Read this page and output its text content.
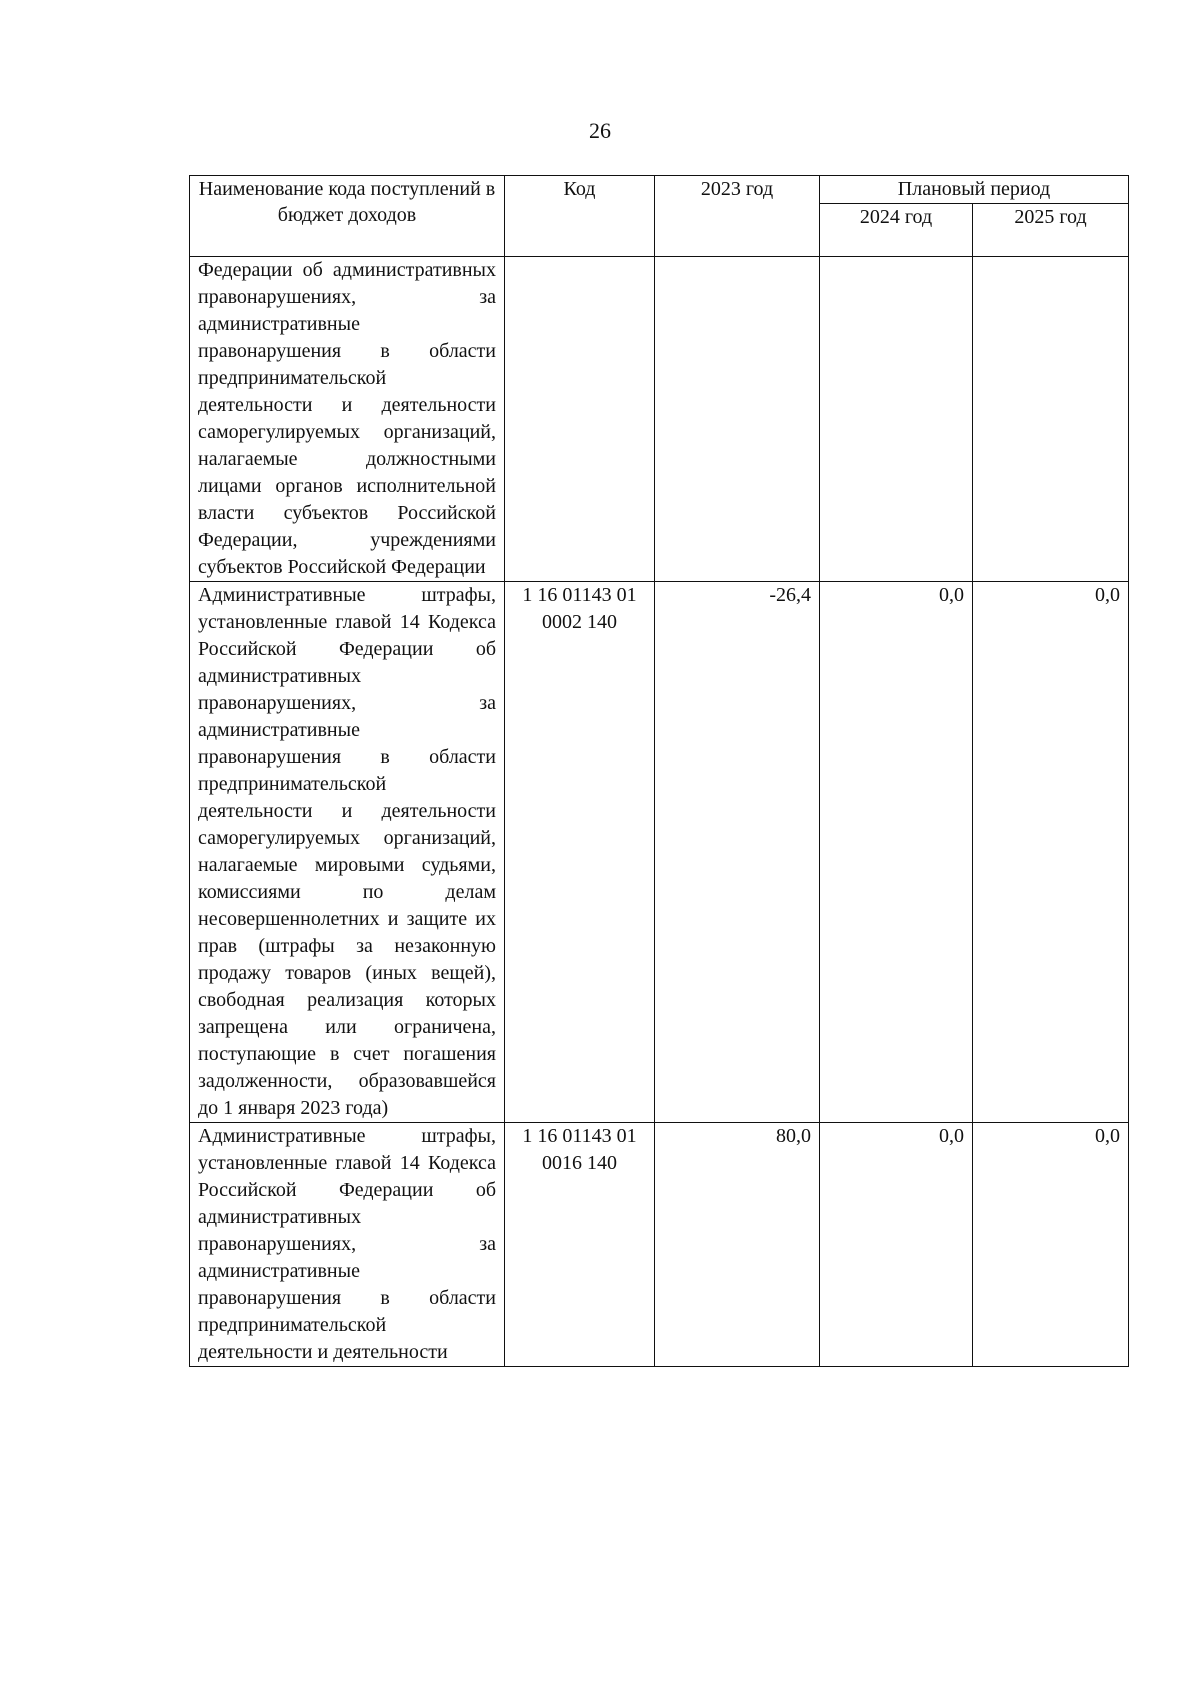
26
Наименование кода поступлений в бюджет доходов	Код	2023 год	Плановый период	
			2024 год	2025 год
Федерации об административных правонарушениях, за административные правонарушения в области предпринимательской деятельности и деятельности саморегулируемых организаций, налагаемые должностными лицами органов исполнительной власти субъектов Российской Федерации, учреждениями субъектов Российской Федерации				
Административные штрафы, установленные главой 14 Кодекса Российской Федерации об административных правонарушениях, за административные правонарушения в области предпринимательской деятельности и деятельности саморегулируемых организаций, налагаемые мировыми судьями, комиссиями по делам несовершеннолетних и защите их прав (штрафы за незаконную продажу товаров (иных вещей), свободная реализация которых запрещена или ограничена, поступающие в счет погашения задолженности, образовавшейся до 1 января 2023 года)	1 16 01143 01 0002 140	-26,4	0,0	0,0
Административные штрафы, установленные главой 14 Кодекса Российской Федерации об административных правонарушениях, за административные правонарушения в области предпринимательской деятельности и деятельности	1 16 01143 01 0016 140	80,0	0,0	0,0
